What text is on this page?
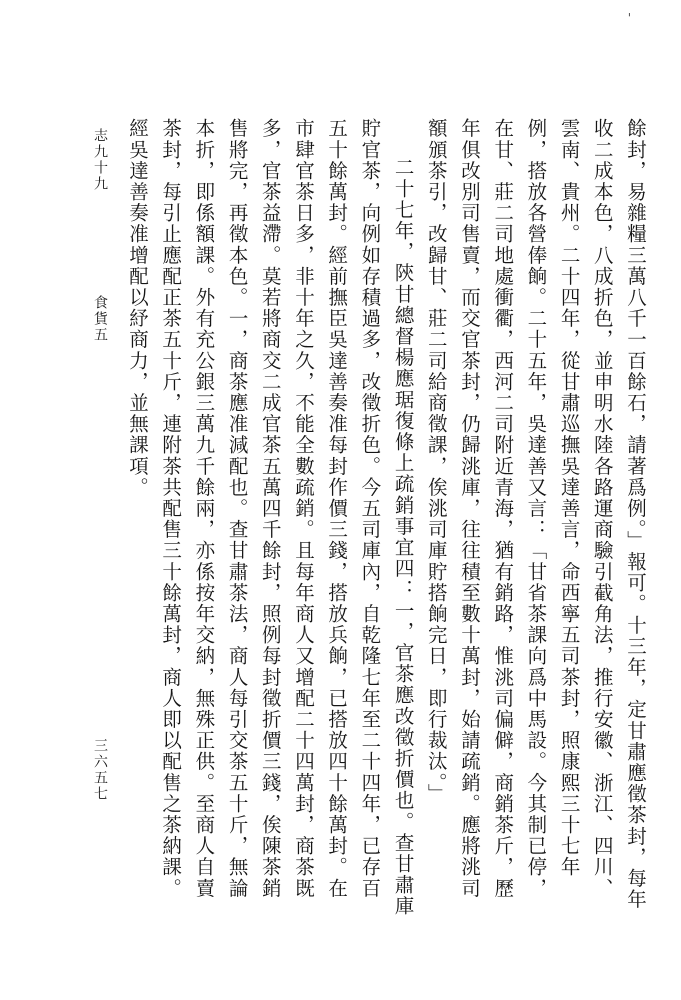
'

餘封，易雜糧三萬八千一百餘石，請著爲例。」報可。十三年，定甘肅應徵茶封，每年收二成本色，八成折色，並申明水陸各路運商驗引截角法，推行安徽、浙江、四川、雲南、貴州。二十四年，從甘肅巡撫吳達善言，命西寧五司茶封，照康熙三十七年例，搭放各營俸餉。二十五年，吳達善又言：「甘省茶課向爲中馬設。今其制已停，在甘、莊二司地處衝衢，西河二司附近青海，猶有銷路，惟洮司偏僻，商銷茶斤，歷年俱改別司售賣，而交官茶封，仍歸洮庫，往往積至數十萬封，始請疏銷。應將洮司額頒茶引，改歸甘、莊二司給商徵課，俟洮司庫貯搭餉完日，即行裁汰。」

二十七年，陝甘總督楊應琚復條上疏銷事宜四：一，官茶應改徵折價也。查甘肅庫貯官茶，向例如存積過多，改徵折色。今五司庫內，自乾隆七年至二十四年，已存百五十餘萬封。經前撫臣吳達善奏准每封作價三錢，搭放兵餉，已搭放四十餘萬封。在市肆官茶日多，非十年之久，不能全數疏銷。且每年商人又增配二十四萬封，商茶既多，官茶益滯。莫若將商交二成官茶五萬四千餘封，照例每封徵折價三錢，俟陳茶銷售將完，再徵本色。一，商茶應准減配也。查甘肅茶法，商人每引交茶五十斤，無論本折，即係額課。外有充公銀三萬九千餘兩，亦係按年交納，無殊正供。至商人自賣茶封，每引止應配正茶五十斤，連附茶共配售三十餘萬封，商人即以配售之茶納課。經吳達善奏准增配以紓商力，並無課項。

志九十九
食貨五
三六五七
